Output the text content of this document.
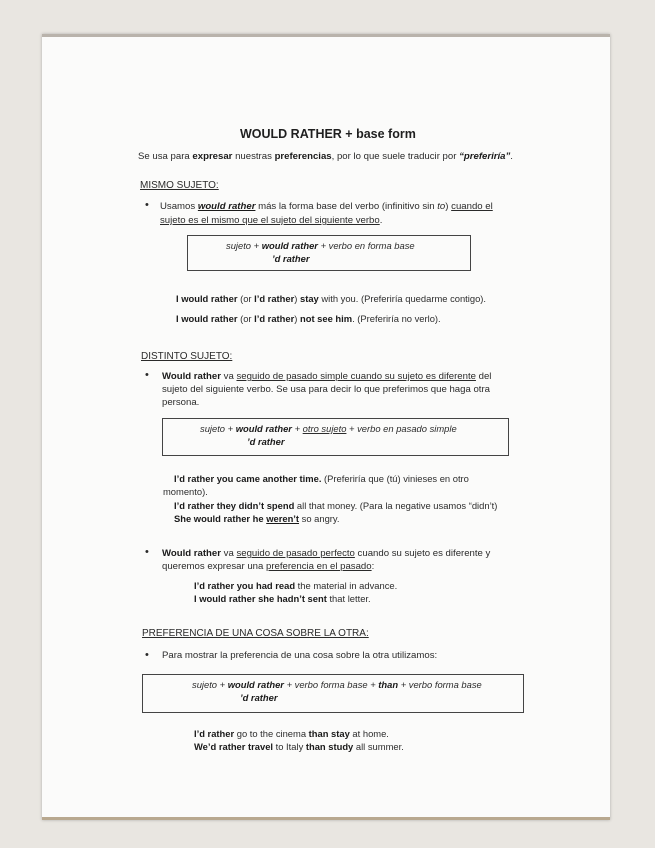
WOULD RATHER + base form
Se usa para expresar nuestras preferencias, por lo que suele traducir por “preferiría”.
MISMO SUJETO:
• Usamos would rather más la forma base del verbo (infinitivo sin to) cuando el
sujeto es el mismo que el sujeto del siguiente verbo.
sujeto + would rather + verbo en forma base
’d rather
I would rather (or I’d rather) stay with you. (Preferiría quedarme contigo).
I would rather (or I’d rather) not see him. (Preferiría no verlo).
DISTINTO SUJETO:
• Would rather va seguido de pasado simple cuando su sujeto es diferente del
sujeto del siguiente verbo. Se usa para decir lo que preferimos que haga otra
persona.
sujeto + would rather + otro sujeto + verbo en pasado simple
’d rather
I’d rather you came another time. (Preferiría que (tú) vinieses en otro
momento).
I’d rather they didn’t spend all that money. (Para la negative usamos “didn’t)
She would rather he weren’t so angry.
• Would rather va seguido de pasado perfecto cuando su sujeto es diferente y
queremos expresar una preferencia en el pasado:
I’d rather you had read the material in advance.
I would rather she hadn’t sent that letter.
PREFERENCIA DE UNA COSA SOBRE LA OTRA:
• Para mostrar la preferencia de una cosa sobre la otra utilizamos:
sujeto + would rather + verbo forma base + than + verbo forma base
’d rather
I’d rather go to the cinema than stay at home.
We’d rather travel to Italy than study all summer.
